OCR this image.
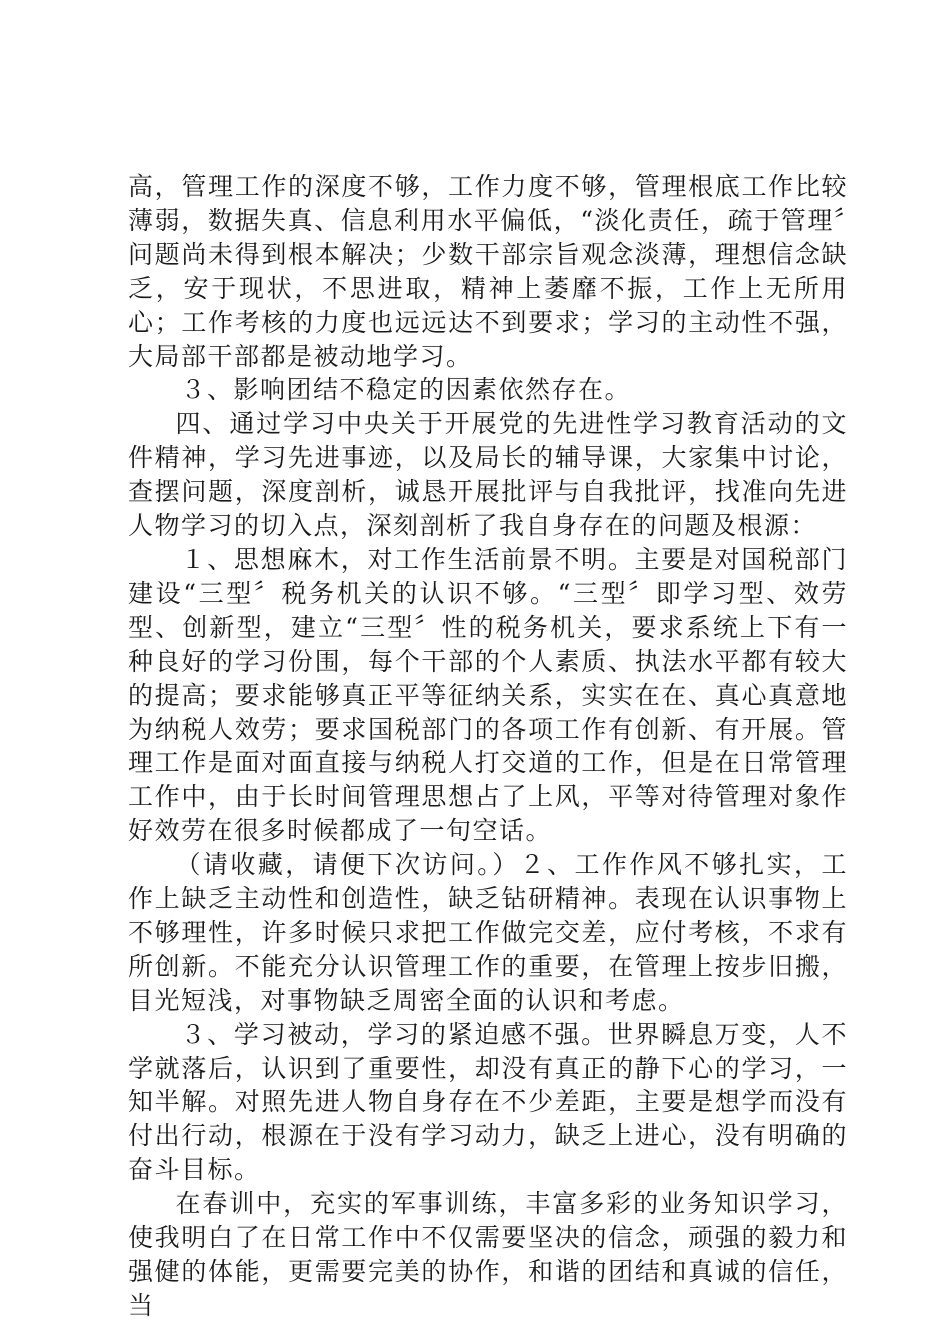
高，管理工作的深度不够，工作力度不够，管理根底工作比较薄弱，数据失真、信息利用水平偏低，“淡化责任，疏于管理〞问题尚未得到根本解决；少数干部宗旨观念淡薄，理想信念缺乏，安于现状，不思进取，精神上萎靡不振，工作上无所用心；工作考核的力度也远远达不到要求；学习的主动性不强，大局部干部都是被动地学习。

３、影响团结不稳定的因素依然存在。

四、通过学习中央关于开展党的先进性学习教育活动的文件精神，学习先进事迹，以及局长的辅导课，大家集中讨论，查摆问题，深度剖析，诚恳开展批评与自我批评，找准向先进人物学习的切入点，深刻剖析了我自身存在的问题及根源：

１、思想麻木，对工作生活前景不明。主要是对国税部门建设“三型〞税务机关的认识不够。“三型〞即学习型、效劳型、创新型，建立“三型〞性的税务机关，要求系统上下有一种良好的学习份围，每个干部的个人素质、执法水平都有较大的提高；要求能够真正平等征纳关系，实实在在、真心真意地为纳税人效劳；要求国税部门的各项工作有创新、有开展。管理工作是面对面直接与纳税人打交道的工作，但是在日常管理工作中，由于长时间管理思想占了上风，平等对待管理对象作好效劳在很多时候都成了一句空话。

（请收藏，请便下次访问。）２、工作作风不够扎实，工作上缺乏主动性和创造性，缺乏钻研精神。表现在认识事物上不够理性，许多时候只求把工作做完交差，应付考核，不求有所创新。不能充分认识管理工作的重要，在管理上按步旧搬，目光短浅，对事物缺乏周密全面的认识和考虑。

３、学习被动，学习的紧迫感不强。世界瞬息万变，人不学就落后，认识到了重要性，却没有真正的静下心的学习，一知半解。对照先进人物自身存在不少差距，主要是想学而没有付出行动，根源在于没有学习动力，缺乏上进心，没有明确的奋斗目标。

在春训中，充实的军事训练，丰富多彩的业务知识学习，使我明白了在日常工作中不仅需要坚决的信念，顽强的毅力和强健的体能，更需要完美的协作，和谐的团结和真诚的信任，当
